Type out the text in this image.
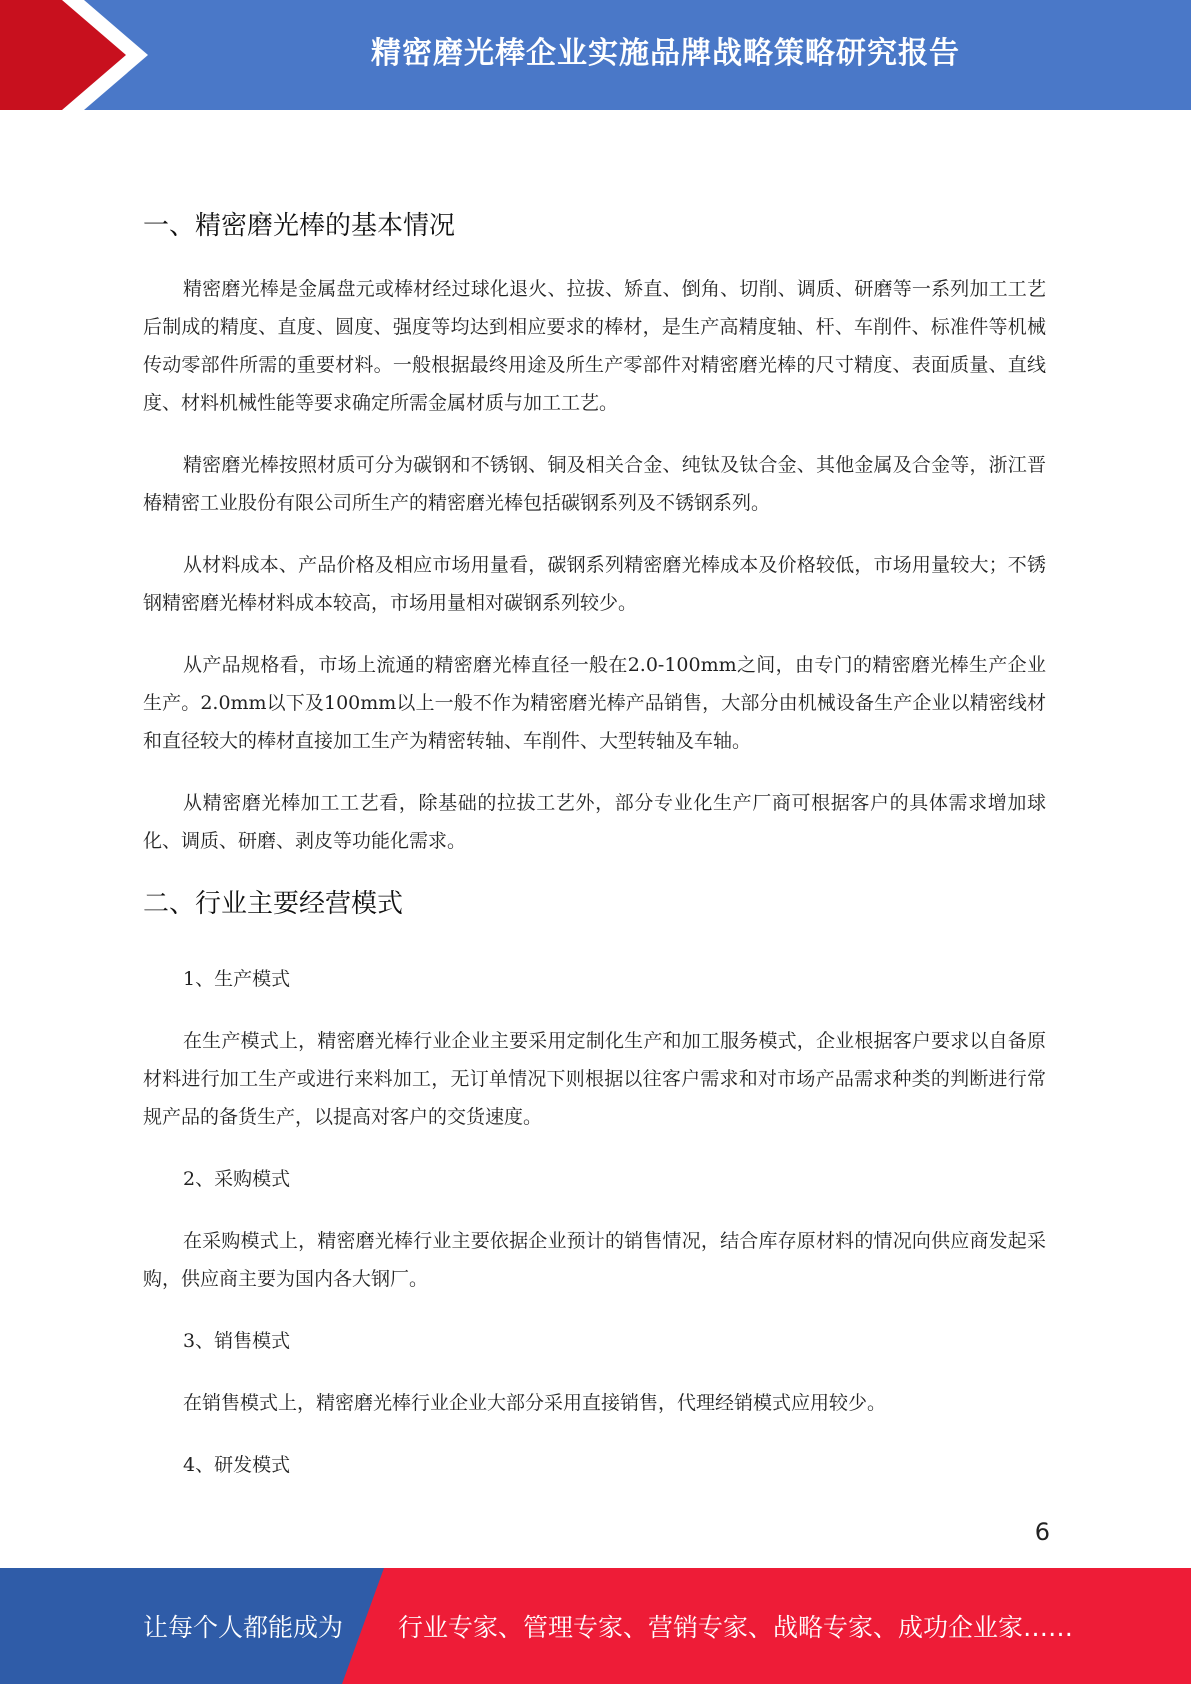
精密磨光棒企业实施品牌战略策略研究报告
一、精密磨光棒的基本情况

精密磨光棒是金属盘元或棒材经过球化退火、拉拔、矫直、倒角、切削、调质、研磨等一系列加工工艺后制成的精度、直度、圆度、强度等均达到相应要求的棒材，是生产高精度轴、杆、车削件、标准件等机械传动零部件所需的重要材料。一般根据最终用途及所生产零部件对精密磨光棒的尺寸精度、表面质量、直线度、材料机械性能等要求确定所需金属材质与加工工艺。

精密磨光棒按照材质可分为碳钢和不锈钢、铜及相关合金、纯钛及钛合金、其他金属及合金等，浙江晋椿精密工业股份有限公司所生产的精密磨光棒包括碳钢系列及不锈钢系列。

从材料成本、产品价格及相应市场用量看，碳钢系列精密磨光棒成本及价格较低，市场用量较大；不锈钢精密磨光棒材料成本较高，市场用量相对碳钢系列较少。

从产品规格看，市场上流通的精密磨光棒直径一般在2.0-100mm之间，由专门的精密磨光棒生产企业生产。2.0mm以下及100mm以上一般不作为精密磨光棒产品销售，大部分由机械设备生产企业以精密线材和直径较大的棒材直接加工生产为精密转轴、车削件、大型转轴及车轴。

从精密磨光棒加工工艺看，除基础的拉拔工艺外，部分专业化生产厂商可根据客户的具体需求增加球化、调质、研磨、剥皮等功能化需求。

二、行业主要经营模式

1、生产模式

在生产模式上，精密磨光棒行业企业主要采用定制化生产和加工服务模式，企业根据客户要求以自备原材料进行加工生产或进行来料加工，无订单情况下则根据以往客户需求和对市场产品需求种类的判断进行常规产品的备货生产，以提高对客户的交货速度。

2、采购模式

在采购模式上，精密磨光棒行业主要依据企业预计的销售情况，结合库存原材料的情况向供应商发起采购，供应商主要为国内各大钢厂。

3、销售模式

在销售模式上，精密磨光棒行业企业大部分采用直接销售，代理经销模式应用较少。

4、研发模式

6
让每个人都能成为 行业专家、管理专家、营销专家、战略专家、成功企业家……
